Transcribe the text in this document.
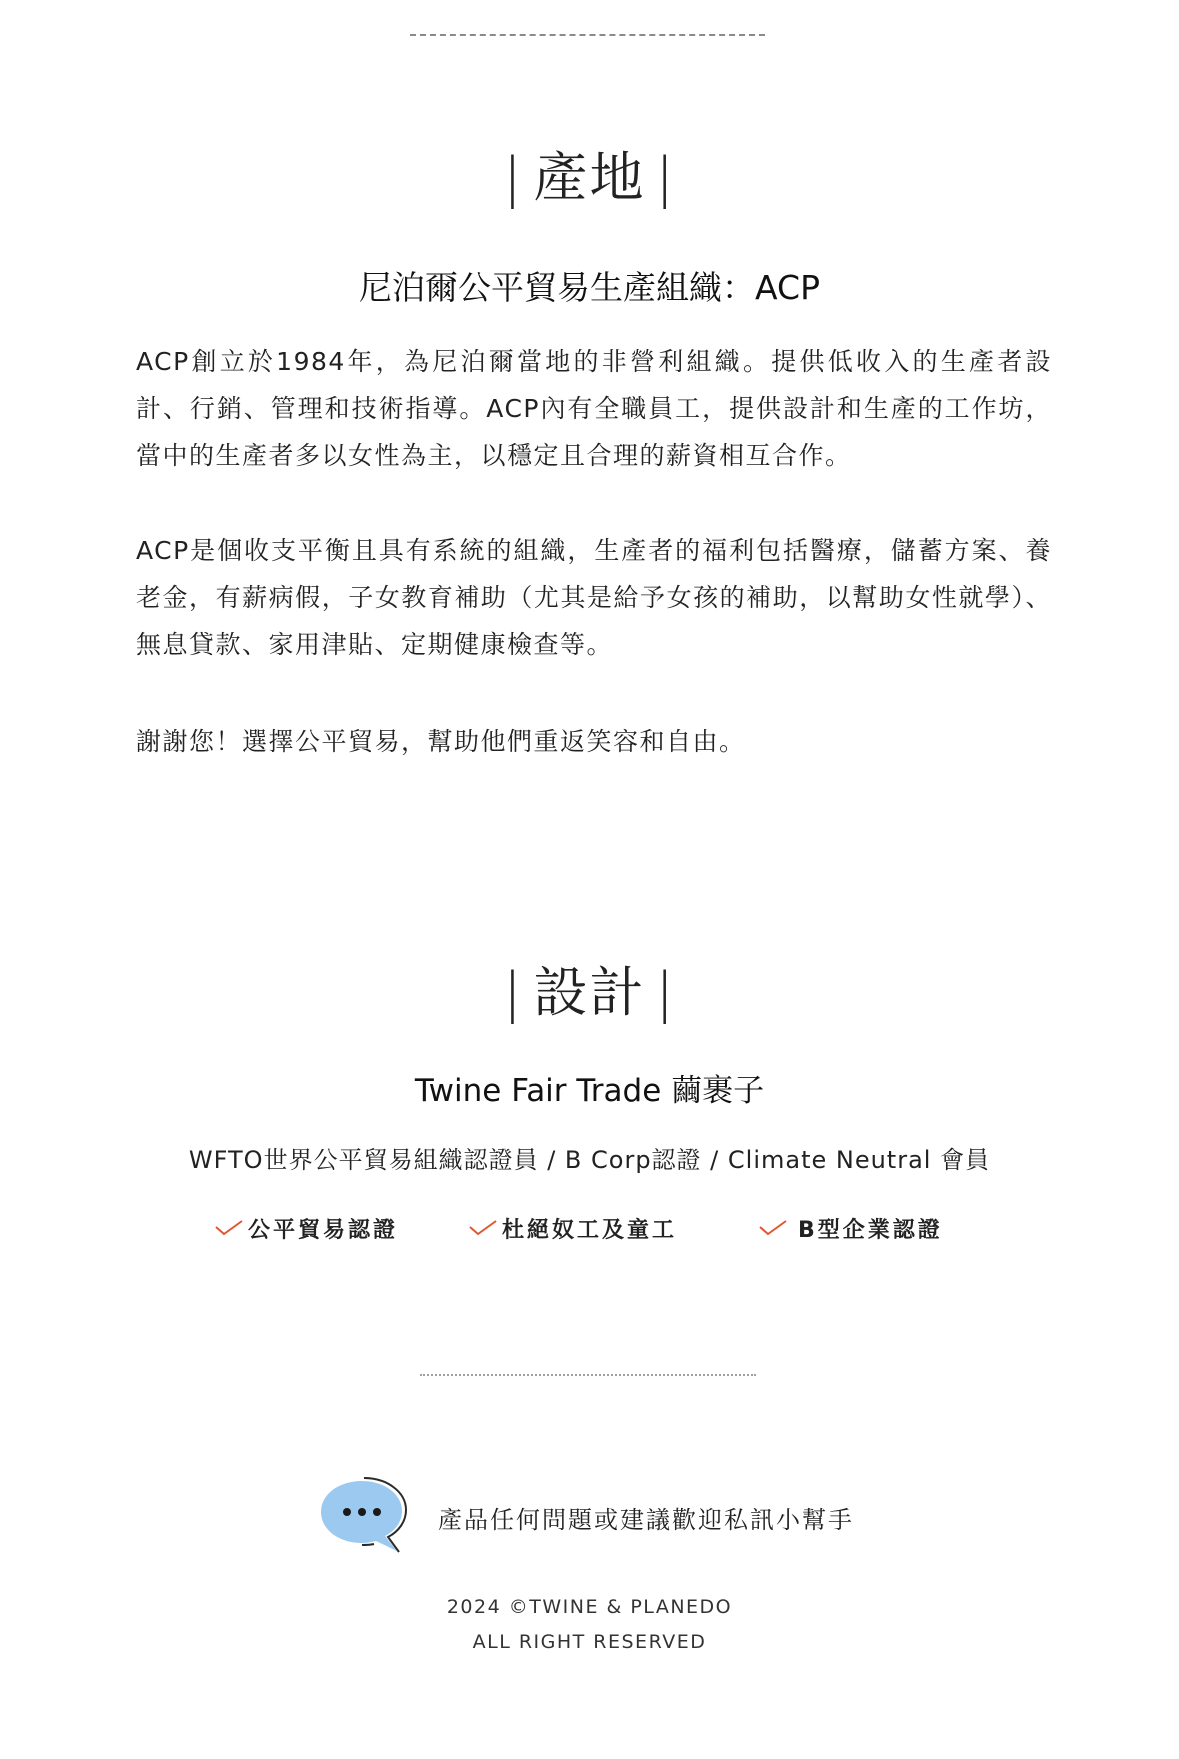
| 產地 |
尼泊爾公平貿易生產組織：ACP

ACP創立於1984年，為尼泊爾當地的非營利組織。提供低收入的生產者設計、行銷、管理和技術指導。ACP內有全職員工，提供設計和生產的工作坊，當中的生產者多以女性為主，以穩定且合理的薪資相互合作。

ACP是個收支平衡且具有系統的組織，生產者的福利包括醫療，儲蓄方案、養老金，有薪病假，子女教育補助（尤其是給予女孩的補助，以幫助女性就學）、無息貸款、家用津貼、定期健康檢查等。

謝謝您！選擇公平貿易，幫助他們重返笑容和自由。

| 設計 |
Twine Fair Trade 繭裹子
WFTO世界公平貿易組織認證員 / B Corp認證 / Climate Neutral 會員
公平貿易認證	杜絕奴工及童工	B型企業認證
產品任何問題或建議歡迎私訊小幫手
2024 ©TWINE & PLANEDO
ALL RIGHT RESERVED
